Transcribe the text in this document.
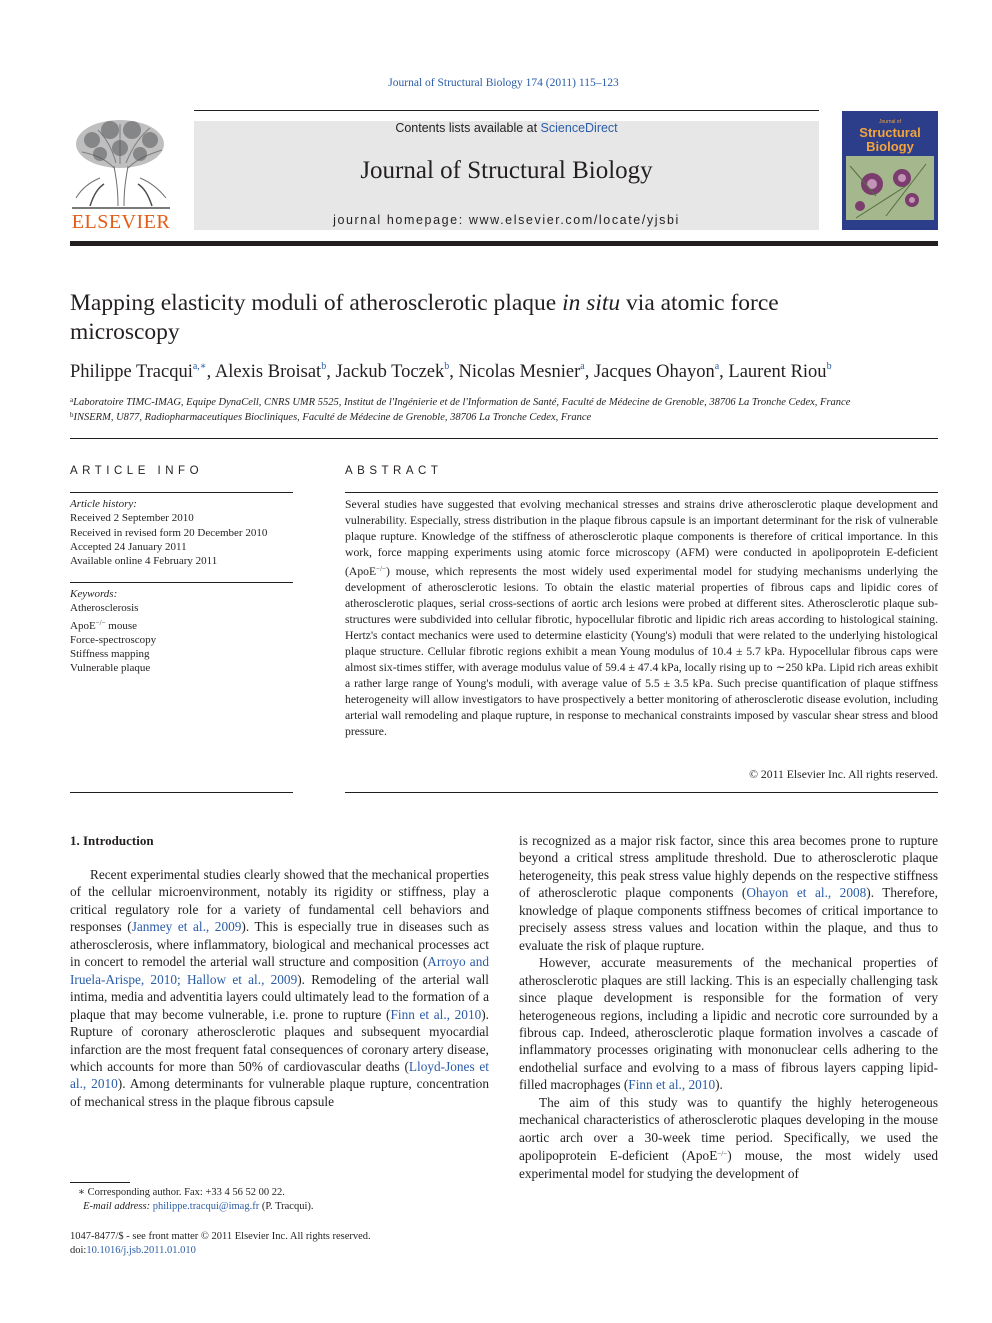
Journal of Structural Biology 174 (2011) 115–123
ELSEVIER
Contents lists available at ScienceDirect
Journal of Structural Biology
journal homepage: www.elsevier.com/locate/yjsbi
Journal of
Structural
Biology
Mapping elasticity moduli of atherosclerotic plaque in situ via atomic force microscopy
Philippe Tracqui$^{a,∗}$, Alexis Broisat$^b$, Jackub Toczek$^b$, Nicolas Mesnier$^a$, Jacques Ohayon$^a$, Laurent Riou$^b$
$^a$Laboratoire TIMC-IMAG, Equipe DynaCell, CNRS UMR 5525, Institut de l'Ingénierie et de l'Information de Santé, Faculté de Médecine de Grenoble, 38706 La Tronche Cedex, France
$^b$INSERM, U877, Radiopharmaceutiques Biocliniques, Faculté de Médecine de Grenoble, 38706 La Tronche Cedex, France
ARTICLE INFO
Article history:
Received 2 September 2010
Received in revised form 20 December 2010
Accepted 24 January 2011
Available online 4 February 2011
Keywords:
Atherosclerosis
ApoE−/− mouse
Force-spectroscopy
Stiffness mapping
Vulnerable plaque
ABSTRACT
Several studies have suggested that evolving mechanical stresses and strains drive atherosclerotic plaque development and vulnerability. Especially, stress distribution in the plaque fibrous capsule is an important determinant for the risk of vulnerable plaque rupture. Knowledge of the stiffness of atherosclerotic plaque components is therefore of critical importance. In this work, force mapping experiments using atomic force microscopy (AFM) were conducted in apolipoprotein E-deficient (ApoE−/−) mouse, which represents the most widely used experimental model for studying mechanisms underlying the development of atherosclerotic lesions. To obtain the elastic material properties of fibrous caps and lipidic cores of atherosclerotic plaques, serial cross-sections of aortic arch lesions were probed at different sites. Atherosclerotic plaque sub-structures were subdivided into cellular fibrotic, hypocellular fibrotic and lipidic rich areas according to histological staining. Hertz's contact mechanics were used to determine elasticity (Young's) moduli that were related to the underlying histological plaque structure. Cellular fibrotic regions exhibit a mean Young modulus of 10.4 ± 5.7 kPa. Hypocellular fibrous caps were almost six-times stiffer, with average modulus value of 59.4 ± 47.4 kPa, locally rising up to ∼250 kPa. Lipid rich areas exhibit a rather large range of Young's moduli, with average value of 5.5 ± 3.5 kPa. Such precise quantification of plaque stiffness heterogeneity will allow investigators to have prospectively a better monitoring of atherosclerotic disease evolution, including arterial wall remodeling and plaque rupture, in response to mechanical constraints imposed by vascular shear stress and blood pressure.
© 2011 Elsevier Inc. All rights reserved.
1. Introduction

Recent experimental studies clearly showed that the mechanical properties of the cellular microenvironment, notably its rigidity or stiffness, play a critical regulatory role for a variety of fundamental cell behaviors and responses (Janmey et al., 2009). This is especially true in diseases such as atherosclerosis, where inflammatory, biological and mechanical processes act in concert to remodel the arterial wall structure and composition (Arroyo and Iruela-Arispe, 2010; Hallow et al., 2009). Remodeling of the arterial wall intima, media and adventitia layers could ultimately lead to the formation of a plaque that may become vulnerable, i.e. prone to rupture (Finn et al., 2010). Rupture of coronary atherosclerotic plaques and subsequent myocardial infarction are the most frequent fatal consequences of coronary artery disease, which accounts for more than 50% of cardiovascular deaths (Lloyd-Jones et al., 2010). Among determinants for vulnerable plaque rupture, concentration of mechanical stress in the plaque fibrous capsule

is recognized as a major risk factor, since this area becomes prone to rupture beyond a critical stress amplitude threshold. Due to atherosclerotic plaque heterogeneity, this peak stress value highly depends on the respective stiffness of atherosclerotic plaque components (Ohayon et al., 2008). Therefore, knowledge of plaque components stiffness becomes of critical importance to precisely assess stress values and location within the plaque, and thus to evaluate the risk of plaque rupture.

However, accurate measurements of the mechanical properties of atherosclerotic plaques are still lacking. This is an especially challenging task since plaque development is responsible for the formation of very heterogeneous regions, including a lipidic and necrotic core surrounded by a fibrous cap. Indeed, atherosclerotic plaque formation involves a cascade of inflammatory processes originating with mononuclear cells adhering to the endothelial surface and evolving to a mass of fibrous layers capping lipid-filled macrophages (Finn et al., 2010).

The aim of this study was to quantify the highly heterogeneous mechanical characteristics of atherosclerotic plaques developing in the mouse aortic arch over a 30-week time period. Specifically, we used the apolipoprotein E-deficient (ApoE−/−) mouse, the most widely used experimental model for studying the development of

∗ Corresponding author. Fax: +33 4 56 52 00 22.
E-mail address: philippe.tracqui@imag.fr (P. Tracqui).
1047-8477/$ - see front matter © 2011 Elsevier Inc. All rights reserved.
doi:10.1016/j.jsb.2011.01.010
